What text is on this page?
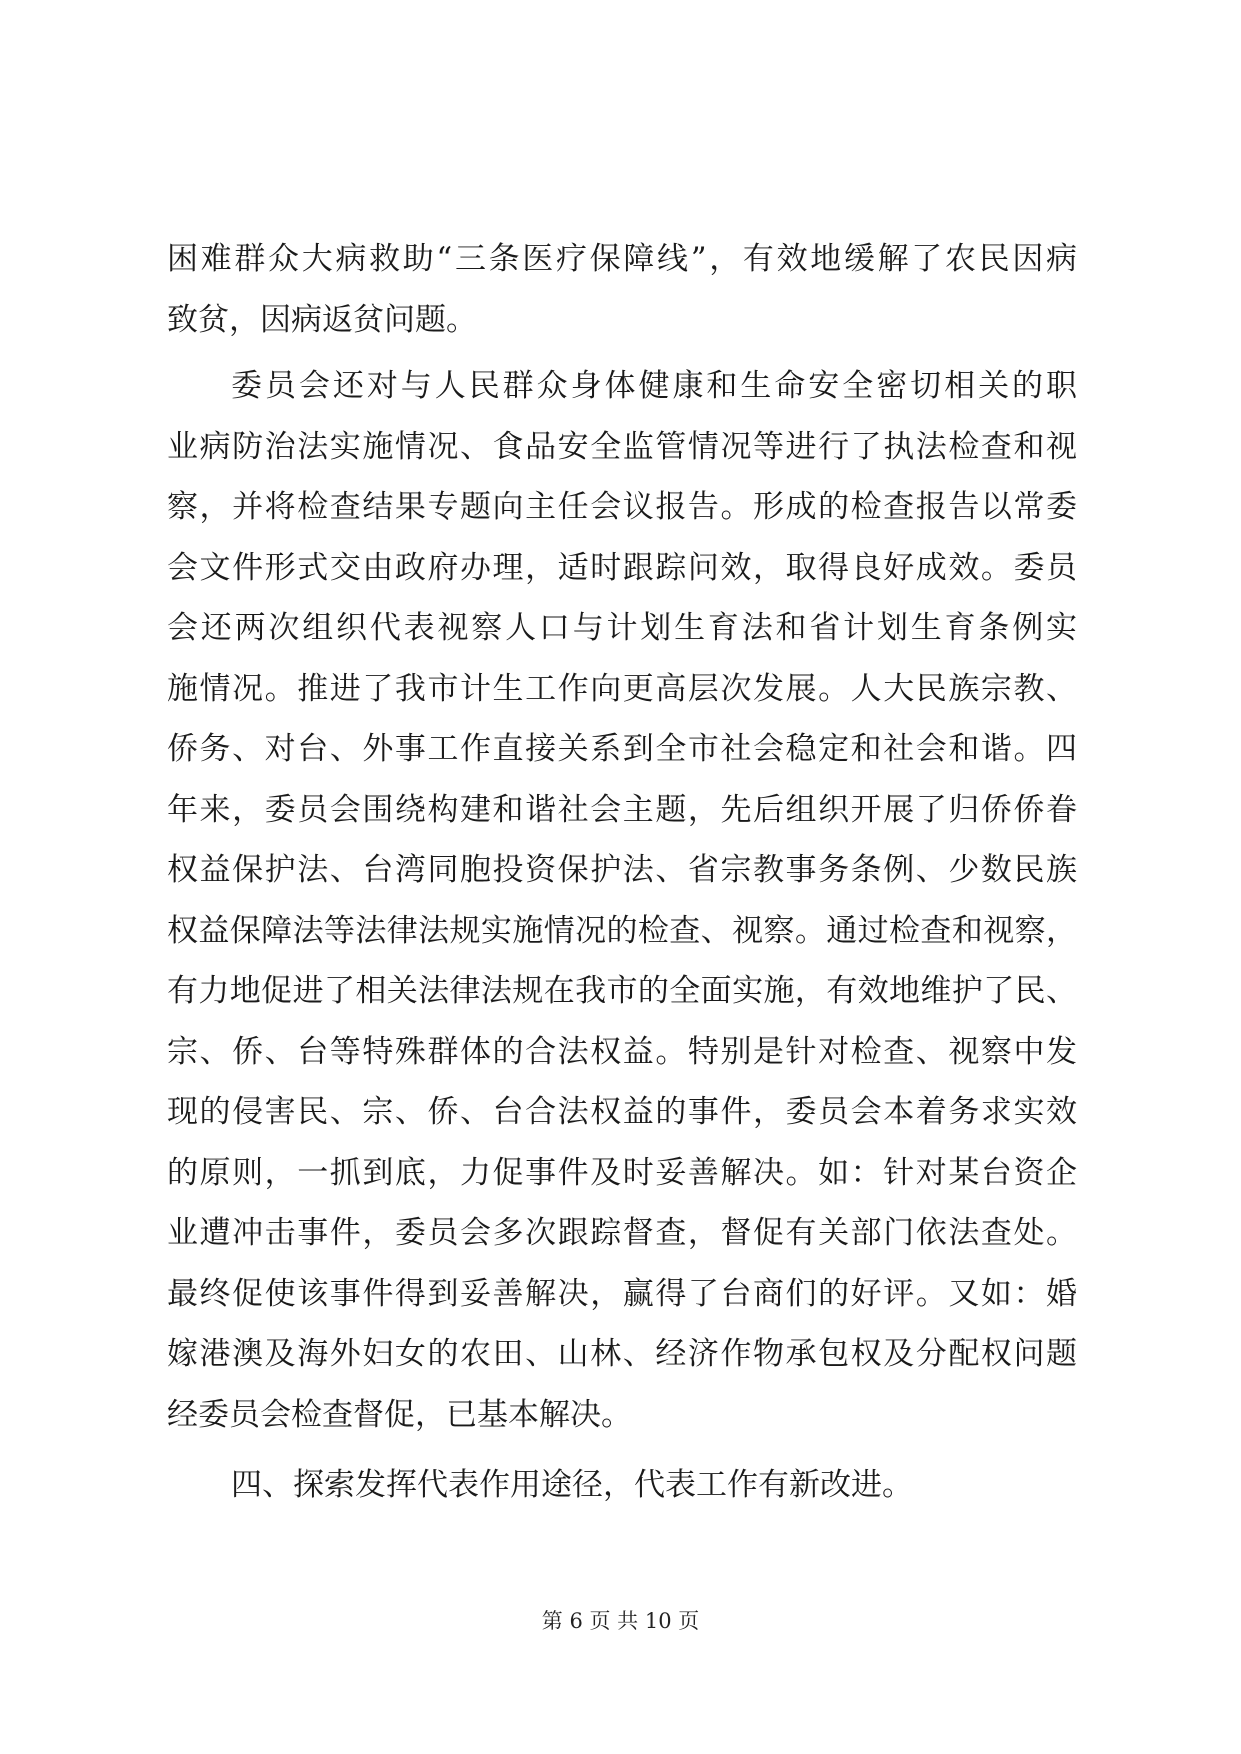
困难群众大病救助“三条医疗保障线”，有效地缓解了农民因病
致贫，因病返贫问题。
委员会还对与人民群众身体健康和生命安全密切相关的职
业病防治法实施情况、食品安全监管情况等进行了执法检查和视
察，并将检查结果专题向主任会议报告。形成的检查报告以常委
会文件形式交由政府办理，适时跟踪问效，取得良好成效。委员
会还两次组织代表视察人口与计划生育法和省计划生育条例实
施情况。推进了我市计生工作向更高层次发展。人大民族宗教、
侨务、对台、外事工作直接关系到全市社会稳定和社会和谐。四
年来，委员会围绕构建和谐社会主题，先后组织开展了归侨侨眷
权益保护法、台湾同胞投资保护法、省宗教事务条例、少数民族
权益保障法等法律法规实施情况的检查、视察。通过检查和视察，
有力地促进了相关法律法规在我市的全面实施，有效地维护了民、
宗、侨、台等特殊群体的合法权益。特别是针对检查、视察中发
现的侵害民、宗、侨、台合法权益的事件，委员会本着务求实效
的原则，一抓到底，力促事件及时妥善解决。如：针对某台资企
业遭冲击事件，委员会多次跟踪督查，督促有关部门依法查处。
最终促使该事件得到妥善解决，赢得了台商们的好评。又如：婚
嫁港澳及海外妇女的农田、山林、经济作物承包权及分配权问题
经委员会检查督促，已基本解决。
四、探索发挥代表作用途径，代表工作有新改进。
第 6 页 共 10 页
